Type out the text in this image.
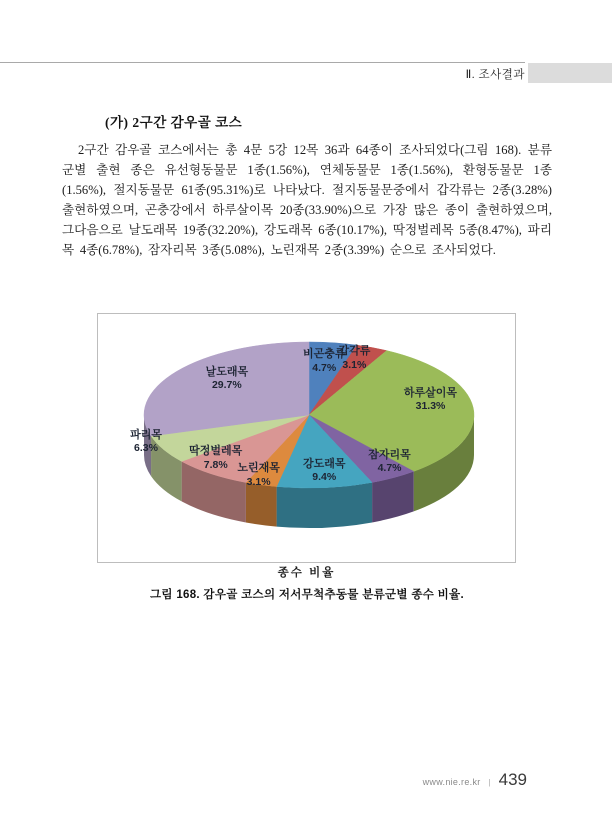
Ⅱ. 조사결과
(가) 2구간 감우골 코스

2구간 감우골 코스에서는 총 4문 5강 12목 36과 64종이 조사되었다(그림 168). 분류군별 출현 종은 유선형동물문 1종(1.56%), 연체동물문 1종(1.56%), 환형동물문 1종(1.56%), 절지동물문 61종(95.31%)로 나타났다. 절지동물문중에서 갑각류는 2종(3.28%) 출현하였으며, 곤충강에서 하루살이목 20종(33.90%)으로 가장 많은 종이 출현하였으며, 그다음으로 날도래목 19종(32.20%), 강도래목 6종(10.17%), 딱정벌레목 5종(8.47%), 파리목 4종(6.78%), 잠자리목 3종(5.08%), 노린재목 2종(3.39%) 순으로 조사되었다.

비곤충류
4.7%
갑각류
3.1%
하루살이목
31.3%
잠자리목
4.7%
강도래목
9.4%
노린재목
3.1%
딱정벌레목
7.8%
파리목
6.3%
날도래목
29.7%
종수 비율
그림 168. 감우골 코스의 저서무척추동물 분류군별 종수 비율.
www.nie.re.kr | 439
